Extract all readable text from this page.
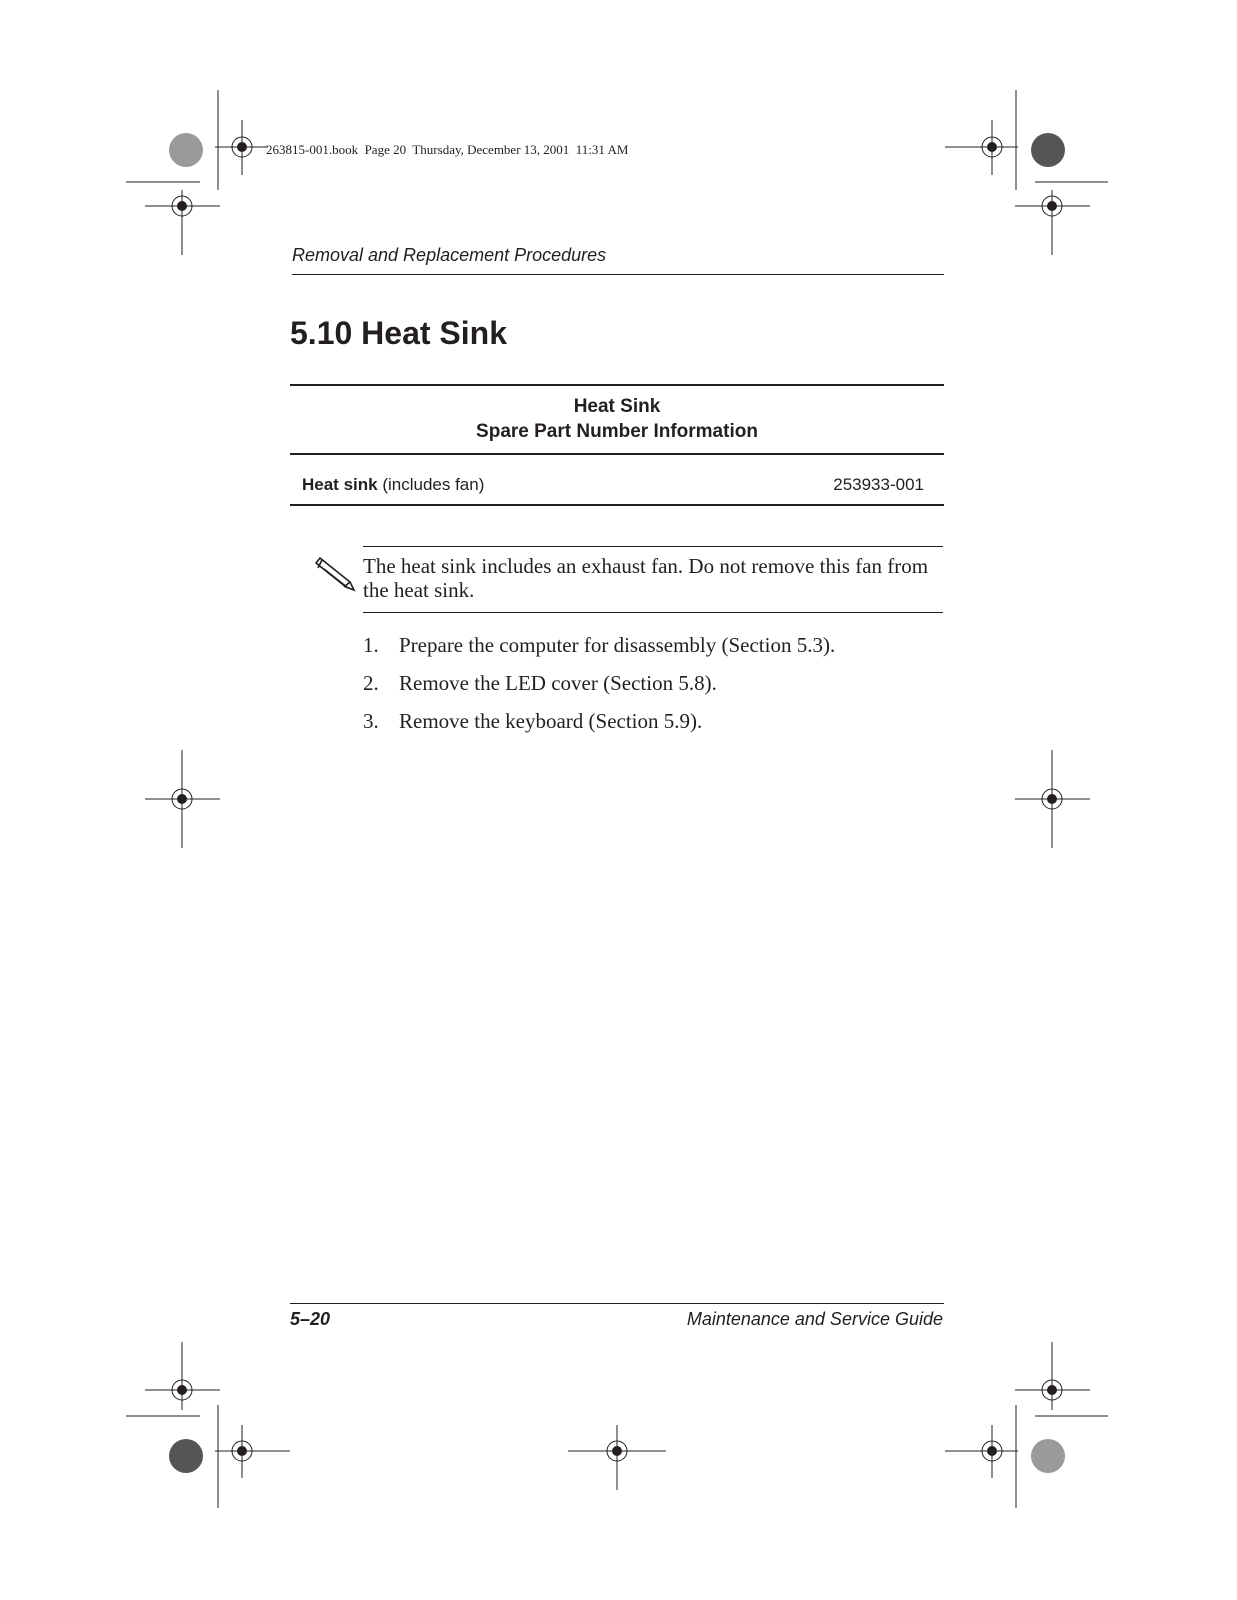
263815-001.book  Page 20  Thursday, December 13, 2001  11:31 AM
Removal and Replacement Procedures
5.10 Heat Sink
Heat Sink
Spare Part Number Information
Heat sink (includes fan)	253933-001
The heat sink includes an exhaust fan. Do not remove this fan from the heat sink.
1. Prepare the computer for disassembly (Section 5.3).
2. Remove the LED cover (Section 5.8).
3. Remove the keyboard (Section 5.9).
5–20	Maintenance and Service Guide
